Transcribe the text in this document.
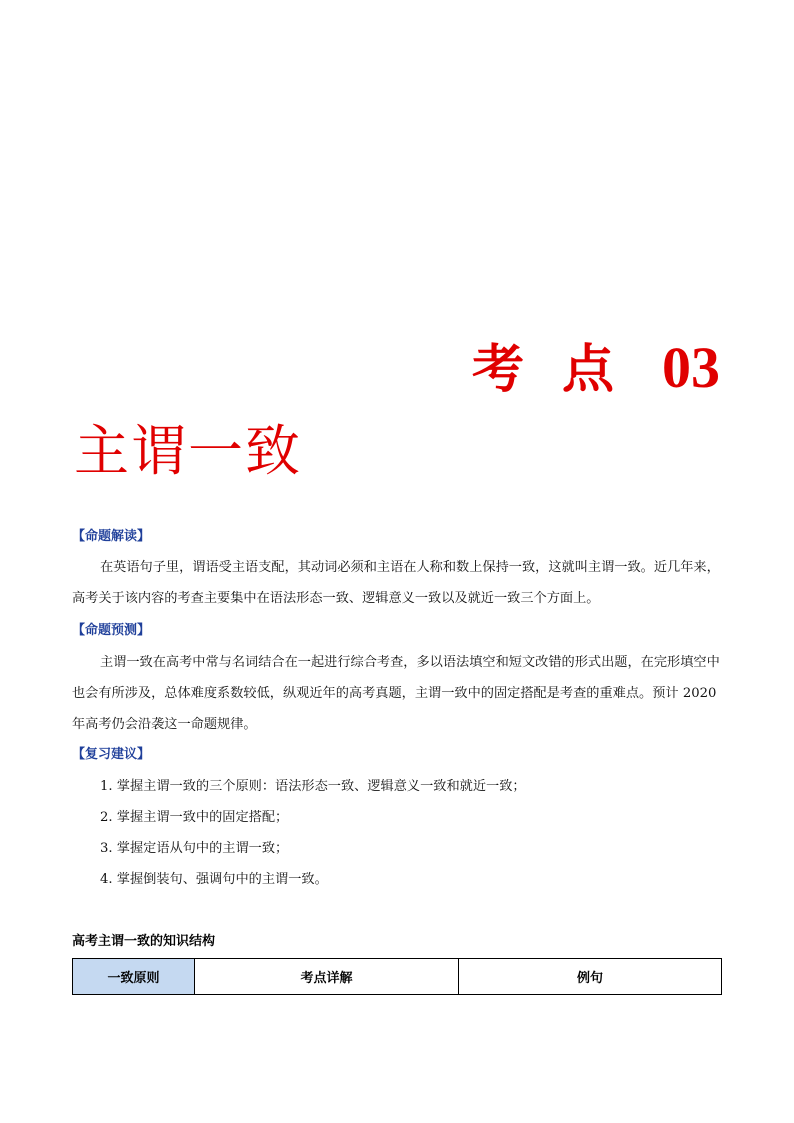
考点 03
主谓一致
【命题解读】
在英语句子里，谓语受主语支配，其动词必须和主语在人称和数上保持一致，这就叫主谓一致。近几年来，高考关于该内容的考查主要集中在语法形态一致、逻辑意义一致以及就近一致三个方面上。
【命题预测】
主谓一致在高考中常与名词结合在一起进行综合考查，多以语法填空和短文改错的形式出题，在完形填空中也会有所涉及，总体难度系数较低，纵观近年的高考真题，主谓一致中的固定搭配是考查的重难点。预计 2020 年高考仍会沿袭这一命题规律。
【复习建议】
1. 掌握主谓一致的三个原则：语法形态一致、逻辑意义一致和就近一致；
2. 掌握主谓一致中的固定搭配；
3. 掌握定语从句中的主谓一致；
4. 掌握倒装句、强调句中的主谓一致。
高考主谓一致的知识结构
一致原则	考点详解	例句
